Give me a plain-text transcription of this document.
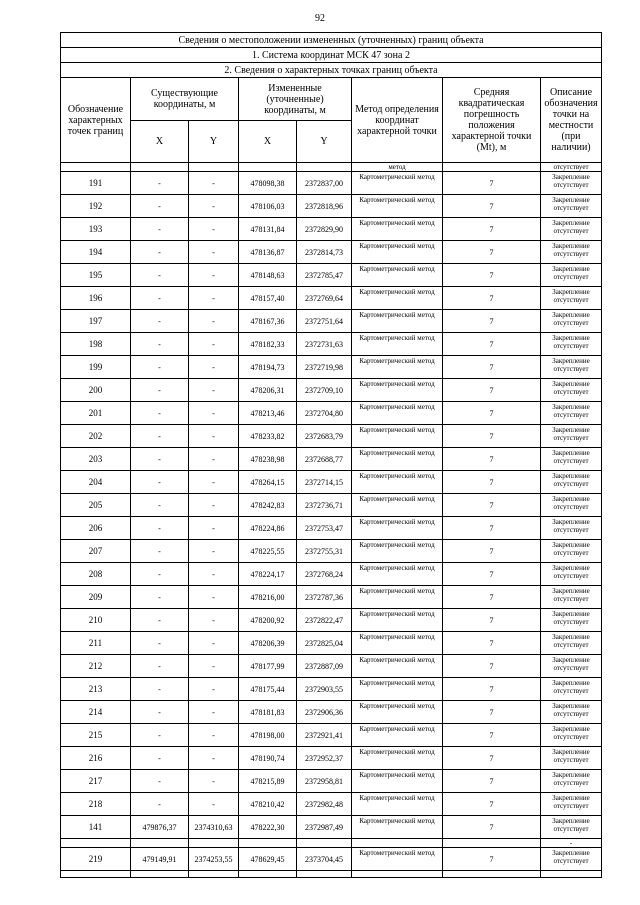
92
Сведения о местоположении измененных (уточненных) границ объекта							
1. Система координат МСК 47 зона 2							
2. Сведения о характерных точках границ объекта							
Обозначение характерных точек границ	Существующие координаты, м		Измененные (уточненные) координаты, м		Метод определения координат характерной точки	Средняя квадратическая погрешность положения характерной точки (Mt), м	Описание обозначения точки на местности (при наличии)
	X	Y	X	Y			
					метод		отсутствует
191	-	-	478098,38	2372837,00	Картометрический метод	7	Закрепление отсутствует
192	-	-	478106,03	2372818,96	Картометрический метод	7	Закрепление отсутствует
193	-	-	478131,84	2372829,90	Картометрический метод	7	Закрепление отсутствует
194	-	-	478136,87	2372814,73	Картометрический метод	7	Закрепление отсутствует
195	-	-	478148,63	2372785,47	Картометрический метод	7	Закрепление отсутствует
196	-	-	478157,40	2372769,64	Картометрический метод	7	Закрепление отсутствует
197	-	-	478167,36	2372751,64	Картометрический метод	7	Закрепление отсутствует
198	-	-	478182,33	2372731,63	Картометрический метод	7	Закрепление отсутствует
199	-	-	478194,73	2372719,98	Картометрический метод	7	Закрепление отсутствует
200	-	-	478206,31	2372709,10	Картометрический метод	7	Закрепление отсутствует
201	-	-	478213,46	2372704,80	Картометрический метод	7	Закрепление отсутствует
202	-	-	478233,82	2372683,79	Картометрический метод	7	Закрепление отсутствует
203	-	-	478238,98	2372688,77	Картометрический метод	7	Закрепление отсутствует
204	-	-	478264,15	2372714,15	Картометрический метод	7	Закрепление отсутствует
205	-	-	478242,83	2372736,71	Картометрический метод	7	Закрепление отсутствует
206	-	-	478224,86	2372753,47	Картометрический метод	7	Закрепление отсутствует
207	-	-	478225,55	2372755,31	Картометрический метод	7	Закрепление отсутствует
208	-	-	478224,17	2372768,24	Картометрический метод	7	Закрепление отсутствует
209	-	-	478216,00	2372787,36	Картометрический метод	7	Закрепление отсутствует
210	-	-	478200,92	2372822,47	Картометрический метод	7	Закрепление отсутствует
211	-	-	478206,39	2372825,04	Картометрический метод	7	Закрепление отсутствует
212	-	-	478177,99	2372887,09	Картометрический метод	7	Закрепление отсутствует
213	-	-	478175,44	2372903,55	Картометрический метод	7	Закрепление отсутствует
214	-	-	478181,83	2372906,36	Картометрический метод	7	Закрепление отсутствует
215	-	-	478198,00	2372921,41	Картометрический метод	7	Закрепление отсутствует
216	-	-	478190,74	2372952,37	Картометрический метод	7	Закрепление отсутствует
217	-	-	478215,89	2372958,81	Картометрический метод	7	Закрепление отсутствует
218	-	-	478210,42	2372982,48	Картометрический метод	7	Закрепление отсутствует
141	479876,37	2374310,63	478222,30	2372987,49	Картометрический метод	7	Закрепление отсутствует
							-
219	479149,91	2374253,55	478629,45	2373704,45	Картометрический метод	7	Закрепление отсутствует
